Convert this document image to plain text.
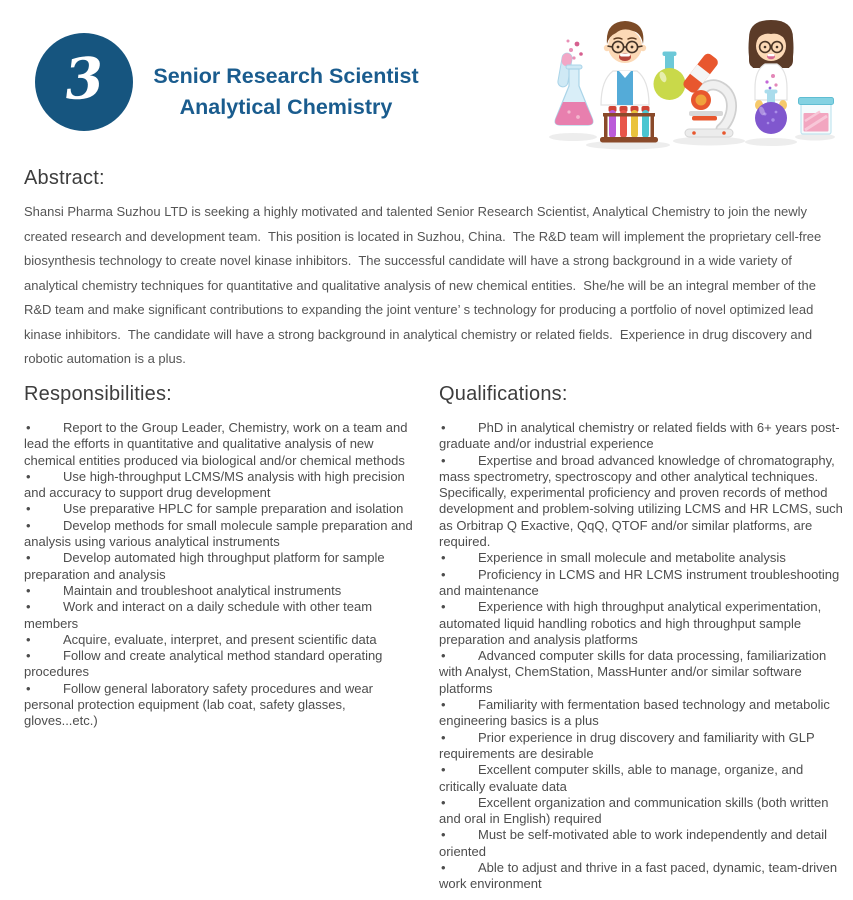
3	Senior Research Scientist
Analytical Chemistry
Abstract:

Shansi Pharma Suzhou LTD is seeking a highly motivated and talented Senior Research Scientist, Analytical Chemistry to join the newly created research and development team.  This position is located in Suzhou, China.  The R&D team will implement the proprietary cell-free biosynthesis technology to create novel kinase inhibitors.  The successful candidate will have a strong background in a wide variety of analytical chemistry techniques for quantitative and qualitative analysis of new chemical entities.  She/he will be an integral member of the R&D team and make significant contributions to expanding the joint venture’ s technology for producing a portfolio of novel optimized lead kinase inhibitors.  The candidate will have a strong background in analytical chemistry or related fields.  Experience in drug discovery and robotic automation is a plus.

Responsibilities:

• Report to the Group Leader, Chemistry, work on a team and lead the efforts in quantitative and qualitative analysis of new chemical entities produced via biological and/or chemical methods

• Use high-throughput LCMS/MS analysis with high precision and accuracy to support drug development

• Use preparative HPLC for sample preparation and isolation

• Develop methods for small molecule sample preparation and analysis using various analytical instruments

• Develop automated high throughput platform for sample preparation and analysis

• Maintain and troubleshoot analytical instruments

• Work and interact on a daily schedule with other team members

• Acquire, evaluate, interpret, and present scientific data

• Follow and create analytical method standard operating procedures

• Follow general laboratory safety procedures and wear personal protection equipment (lab coat, safety glasses, gloves...etc.)

Qualifications:

• PhD in analytical chemistry or related fields with 6+ years post-graduate and/or industrial experience

• Expertise and broad advanced knowledge of chromatography, mass spectrometry, spectroscopy and other analytical techniques. Specifically, experimental proficiency and proven records of method development and problem-solving utilizing LCMS and HR LCMS, such as Orbitrap Q Exactive, QqQ, QTOF and/or similar platforms, are required.

• Experience in small molecule and metabolite analysis

• Proficiency in LCMS and HR LCMS instrument troubleshooting and maintenance

• Experience with high throughput analytical experimentation, automated liquid handling robotics and high throughput sample preparation and analysis platforms

• Advanced computer skills for data processing, familiarization with Analyst, ChemStation, MassHunter and/or similar software platforms

• Familiarity with fermentation based technology and metabolic engineering basics is a plus

• Prior experience in drug discovery and familiarity with GLP requirements are desirable

• Excellent computer skills, able to manage, organize, and critically evaluate data

• Excellent organization and communication skills (both written and oral in English) required

• Must be self-motivated able to work independently and detail oriented

• Able to adjust and thrive in a fast paced, dynamic, team-driven work environment
